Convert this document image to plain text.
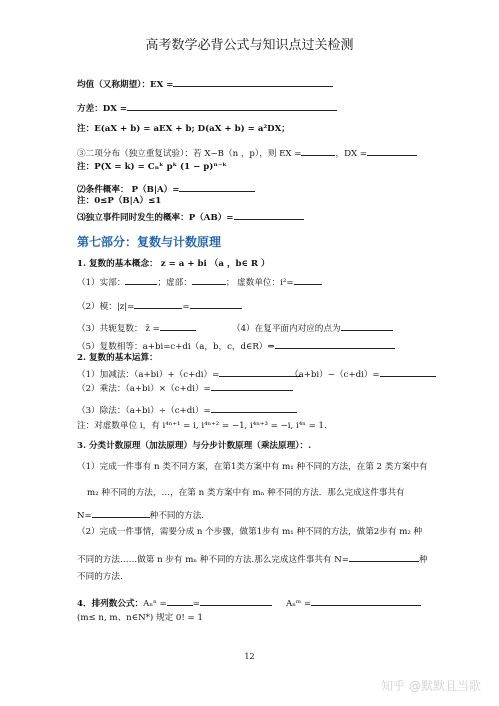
高考数学必背公式与知识点过关检测
均值（又称期望）：EX =
方差：DX =
注：E(aX + b) = aEX + b; D(aX + b) = a²DX；
③二项分布（独立重复试验）：若 X~B（n ，p），则 EX =	，DX =
注：P(X = k) = Cₙᵏ pᵏ (1 − p)ⁿ⁻ᵏ
⑵条件概率： P（B|A）=
注：0≤P（B|A）≤1
⑶独立事件同时发生的概率：P（AB）=
第七部分：复数与计数原理
1. 复数的基本概念： z = a + bi （a ，b∈ R ）
（1）实部：	；虚部：	； 虚数单位：i²=
（2）模：|z|=	=
（3）共轭复数： z̄ =	（4）在复平面内对应的点为
（5）复数相等：a+bi=c+di（a，b，c，d∈R）⇔
2. 复数的基本运算：
（1）加减法：（a+bi）+（c+di）=	（a+bi）−（c+di）=
（2）乘法：（a+bi）×（c+di）=
（3）除法：（a+bi）÷（c+di）=
注：对虚数单位 i，有 i⁴ⁿ⁺¹ = i, i⁴ⁿ⁺² = −1, i⁴ⁿ⁺³ = −i, i⁴ⁿ = 1.
3. 分类计数原理（加法原理）与分步计数原理（乘法原理）：.
（1）完成一件事有 n 类不同方案，在第1类方案中有 m₁ 种不同的方法，在第 2 类方案中有
m₂ 种不同的方法，…，在第 n 类方案中有 mₙ 种不同的方法．那么完成这件事共有
N=	种不同的方法.
（2）完成一件事情，需要分成 n 个步骤，做第1步有 m₁ 种不同的方法，做第2步有 m₂ 种
不同的方法……做第 n 步有 mₙ 种不同的方法.那么完成这件事共有 N=	种
不同的方法.
4．排列数公式：Aₙⁿ =	=	Aₙᵐ =
(m≤ n, m、n∈N*) 规定 0! = 1
12
知乎 @默默且当歌
